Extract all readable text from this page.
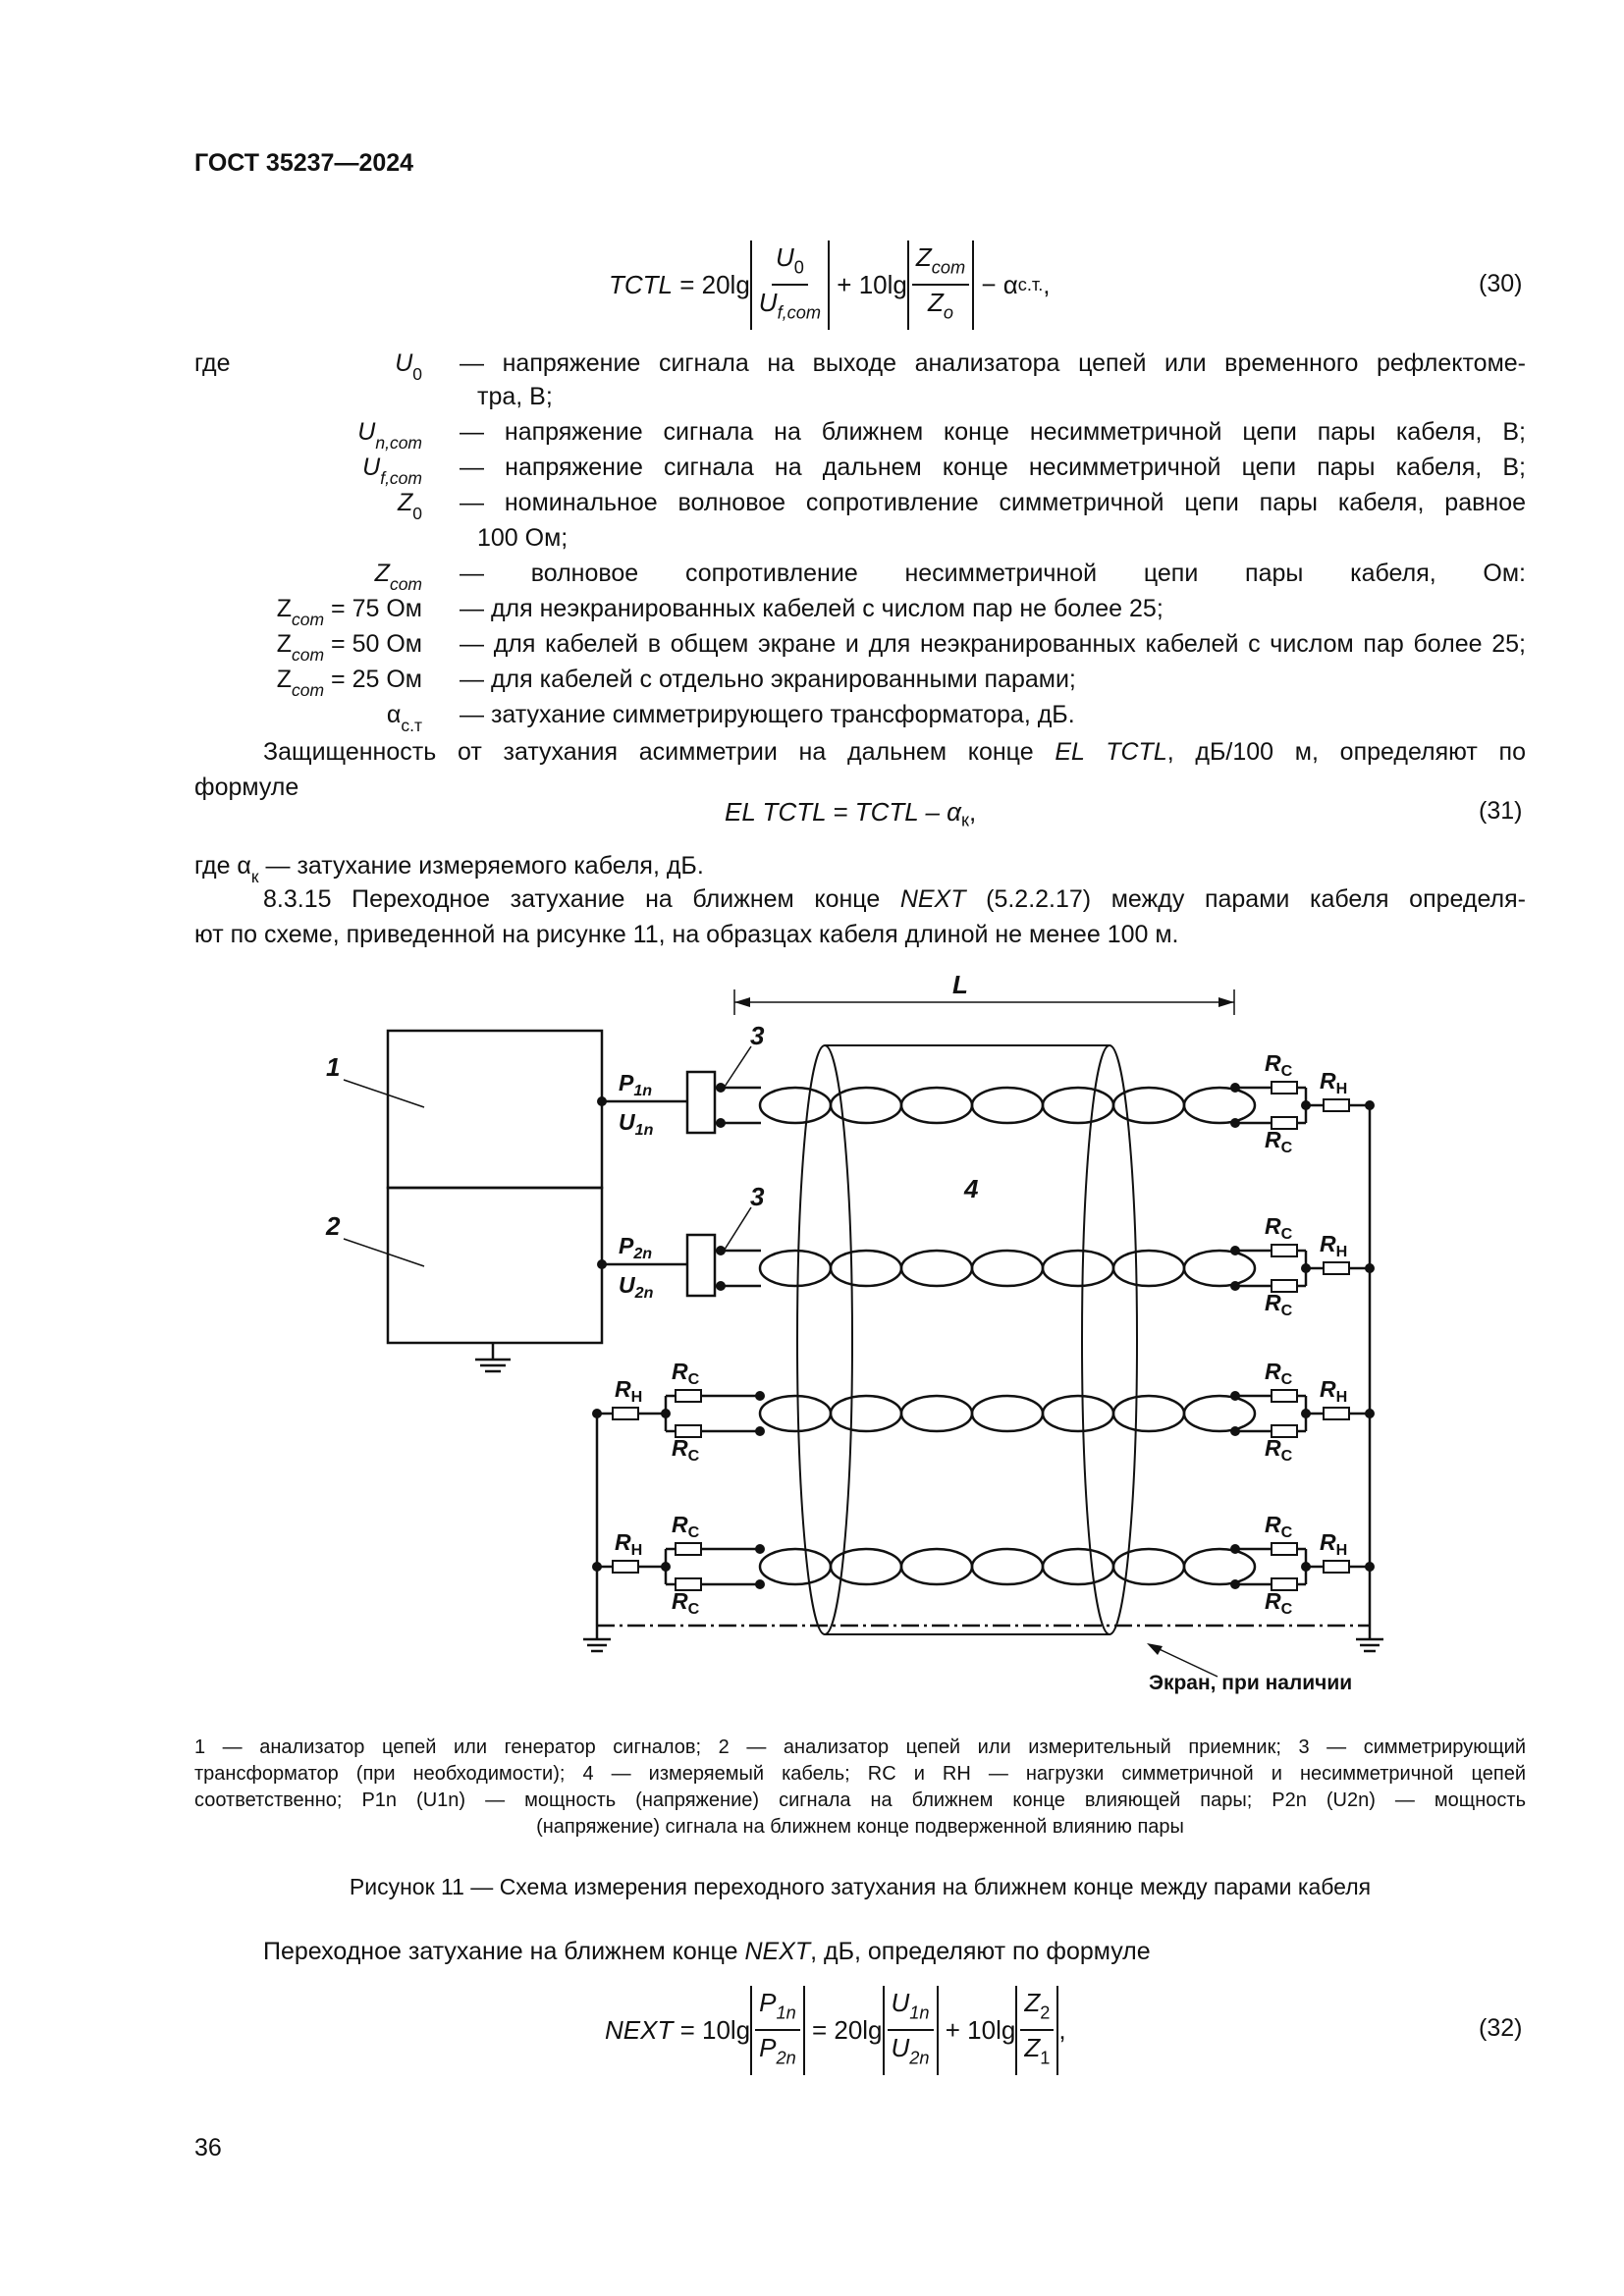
ГОСТ 35237—2024
TCTL = $20\lg \frac{U_0}{U_{f,com}} + 10\lg \frac{Z_{com}}{Z_o}$
− α с.т. ,	(30)
где	$U_0$ — напряжение сигнала на выходе анализатора цепей или временного рефлектоме-
тра, В;
$U_{n,com}$ — напряжение сигнала на ближнем конце несимметричной цепи пары кабеля, В;
$U_{f,com}$ — напряжение сигнала на дальнем конце несимметричной цепи пары кабеля, В;
$Z_0$ — номинальное волновое сопротивление симметричной цепи пары кабеля, равное
100 Ом;
$Z_{com}$ — волновое сопротивление несимметричной цепи пары кабеля, Ом:
$Z_{com} = 75$ Ом — для неэкранированных кабелей с числом пар не более 25;
$Z_{com} = 50$ Ом — для кабелей в общем экране и для неэкранированных кабелей с числом пар более 25;
$Z_{com} = 25$ Ом — для кабелей с отдельно экранированными парами;
$\alpha_{с.т}$ — затухание симметрирующего трансформатора, дБ.
Защищенность от затухания асимметрии на дальнем конце EL TCTL, дБ/100 м, определяют по
формуле
EL TCTL = TCTL – $\alpha_к$,	(31)
где $\alpha_к$ — затухание измеряемого кабеля, дБ.
8.3.15 Переходное затухание на ближнем конце NEXT (5.2.2.17) между парами кабеля определя-
ют по схеме, приведенной на рисунке 11, на образцах кабеля длиной не менее 100 м.
L
1
2
3
3	4
$P_{1n}$
$U_{1n}$
$P_{2n}$
$U_{2n}$
$R_C$
$R_C$
$R_Н$
$R_C$
$R_C$
$R_Н$
$R_C$
$R_C$
$R_Н$
$R_C$
$R_C$
$R_Н$
$R_C$
$R_C$
$R_Н$
$R_C$
$R_C$
$R_Н$
Экран, при наличии
1 — анализатор цепей или генератор сигналов; 2 — анализатор цепей или измерительный приемник; 3 — симметрирующий
трансформатор (при необходимости); 4 — измеряемый кабель; RС и RН — нагрузки симметричной и несимметричной цепей
соответственно; P1n (U1n) — мощность (напряжение) сигнала на ближнем конце влияющей пары; P2n (U2n) — мощность
(напряжение) сигнала на ближнем конце подверженной влиянию пары
Рисунок 11 — Схема измерения переходного затухания на ближнем конце между парами кабеля
Переходное затухание на ближнем конце NEXT, дБ, определяют по формуле
NEXT = $10\lg \frac{P_{1n}}{P_{2n}} = 20\lg \frac{U_{1n}}{U_{2n}} + 10\lg \frac{Z_2}{Z_1}$ ,	(32)
36
